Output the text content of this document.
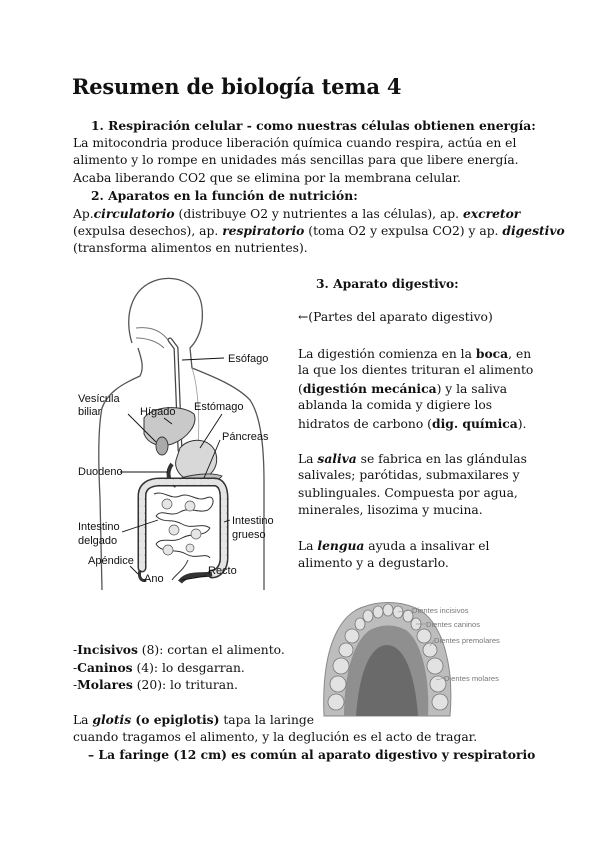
Resumen de biología tema 4
1. Respiración celular - como nuestras células obtienen energía:
La mitocondria produce liberación química cuando respira, actúa en el
alimento y lo rompe en unidades más sencillas para que libere energía.
Acaba liberando CO2 que se elimina por la membrana celular.
2. Aparatos en la función de nutrición:
Ap.circulatorio (distribuye O2 y nutrientes a las células), ap. excretor
(expulsa desechos), ap. respiratorio (toma O2 y expulsa CO2) y ap. digestivo
(transforma alimentos en nutrientes).
Esófago
Vesícula
biliar	Hígado Estómago
Páncreas
Duodeno
Intestino
grueso
Intestino
delgado
Apéndice
Recto
Ano
3. Aparato digestivo:
←(Partes del aparato digestivo)
La digestión comienza en la boca, en
la que los dientes trituran el alimento
(digestión mecánica) y la saliva
ablanda la comida y digiere los
hidratos de carbono (dig. química).
La saliva se fabrica en las glándulas
salivales; parótidas, submaxilares y
sublinguales. Compuesta por agua,
minerales, lisozima y mucina.
La lengua ayuda a insalivar el
alimento y a degustarlo.
Dientes incisivos
Dientes caninos
Dientes premolares
Dientes molares
-Incisivos (8): cortan el alimento.
-Caninos (4): lo desgarran.
-Molares (20): lo trituran.
La glotis (o epiglotis) tapa la laringe
cuando tragamos el alimento, y la deglución es el acto de tragar.
– La faringe (12 cm) es común al aparato digestivo y respiratorio
